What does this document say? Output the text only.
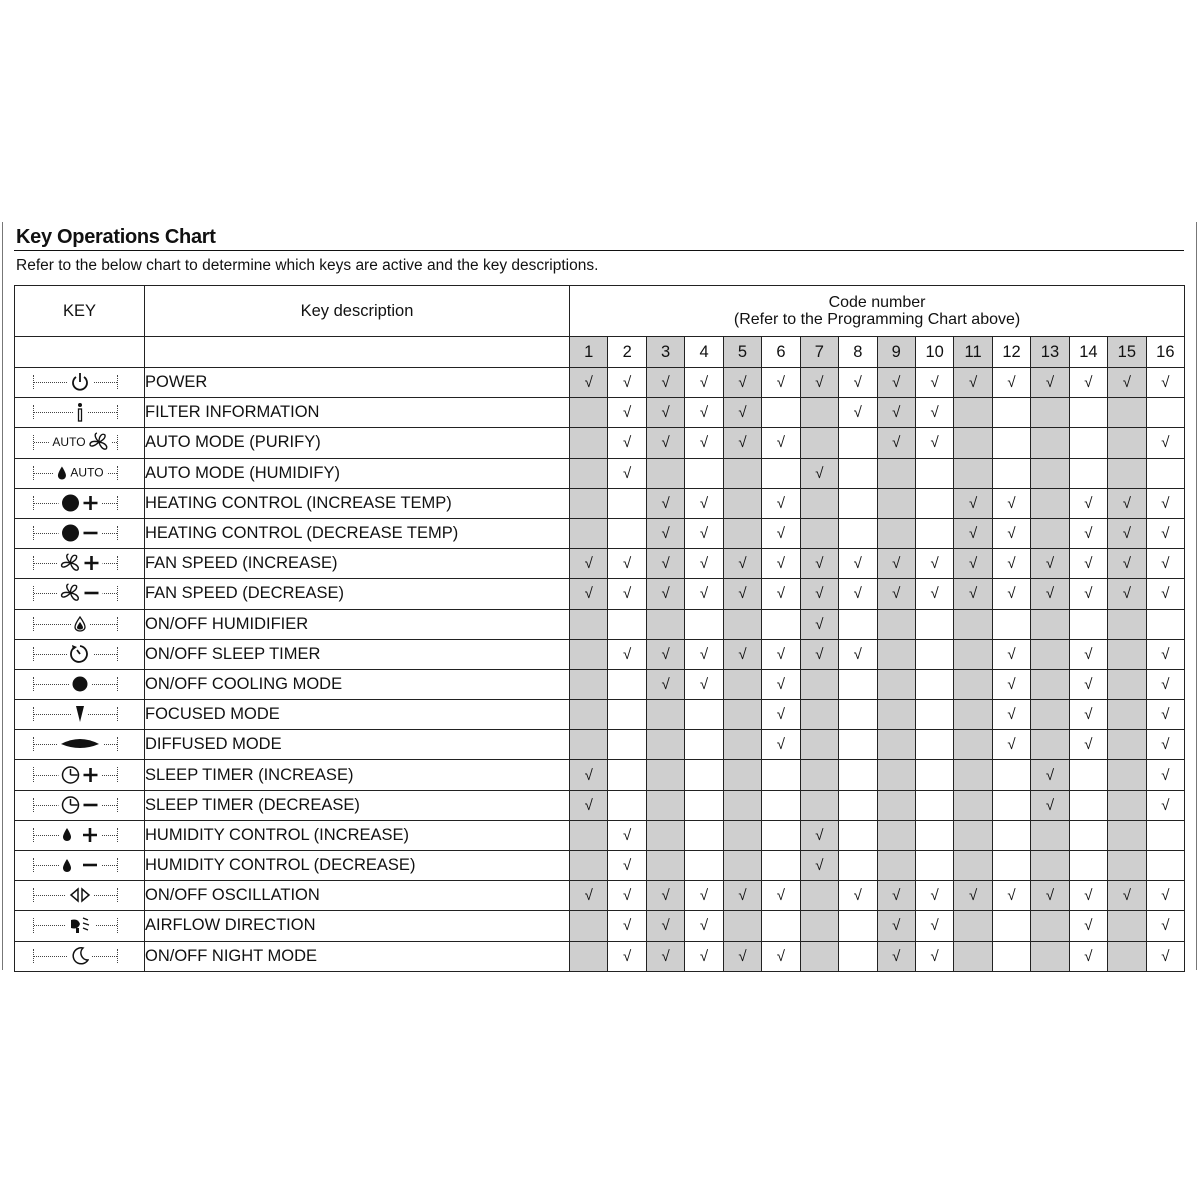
Key Operations Chart
Refer to the below chart to determine which keys are active and the key descriptions.
KEY	Key description	Code number
(Refer to the Programming Chart above)															

		1	2	3	4	5	6	7	8	9	10	11	12	13	14	15	16

	POWER	√	√	√	√	√	√	√	√	√	√	√	√	√	√	√	√

	FILTER INFORMATION		√	√	√	√			√	√	√						

AUTO	AUTO MODE (PURIFY)		√	√	√	√	√			√	√						√

AUTO	AUTO MODE (HUMIDIFY)		√					√									

	HEATING CONTROL (INCREASE TEMP)			√	√		√					√	√		√	√	√

	HEATING CONTROL (DECREASE TEMP)			√	√		√					√	√		√	√	√

	FAN SPEED (INCREASE)	√	√	√	√	√	√	√	√	√	√	√	√	√	√	√	√

	FAN SPEED (DECREASE)	√	√	√	√	√	√	√	√	√	√	√	√	√	√	√	√

	ON/OFF HUMIDIFIER							√									

	ON/OFF SLEEP TIMER		√	√	√	√	√	√	√				√		√		√

	ON/OFF COOLING MODE			√	√		√						√		√		√

	FOCUSED MODE						√						√		√		√

	DIFFUSED MODE						√						√		√		√

	SLEEP TIMER (INCREASE)	√												√			√

	SLEEP TIMER (DECREASE)	√												√			√

	HUMIDITY CONTROL (INCREASE)		√					√									

	HUMIDITY CONTROL (DECREASE)		√					√									

	ON/OFF OSCILLATION	√	√	√	√	√	√		√	√	√	√	√	√	√	√	√

	AIRFLOW DIRECTION		√	√	√					√	√				√		√

	ON/OFF NIGHT MODE		√	√	√	√	√			√	√				√		√
